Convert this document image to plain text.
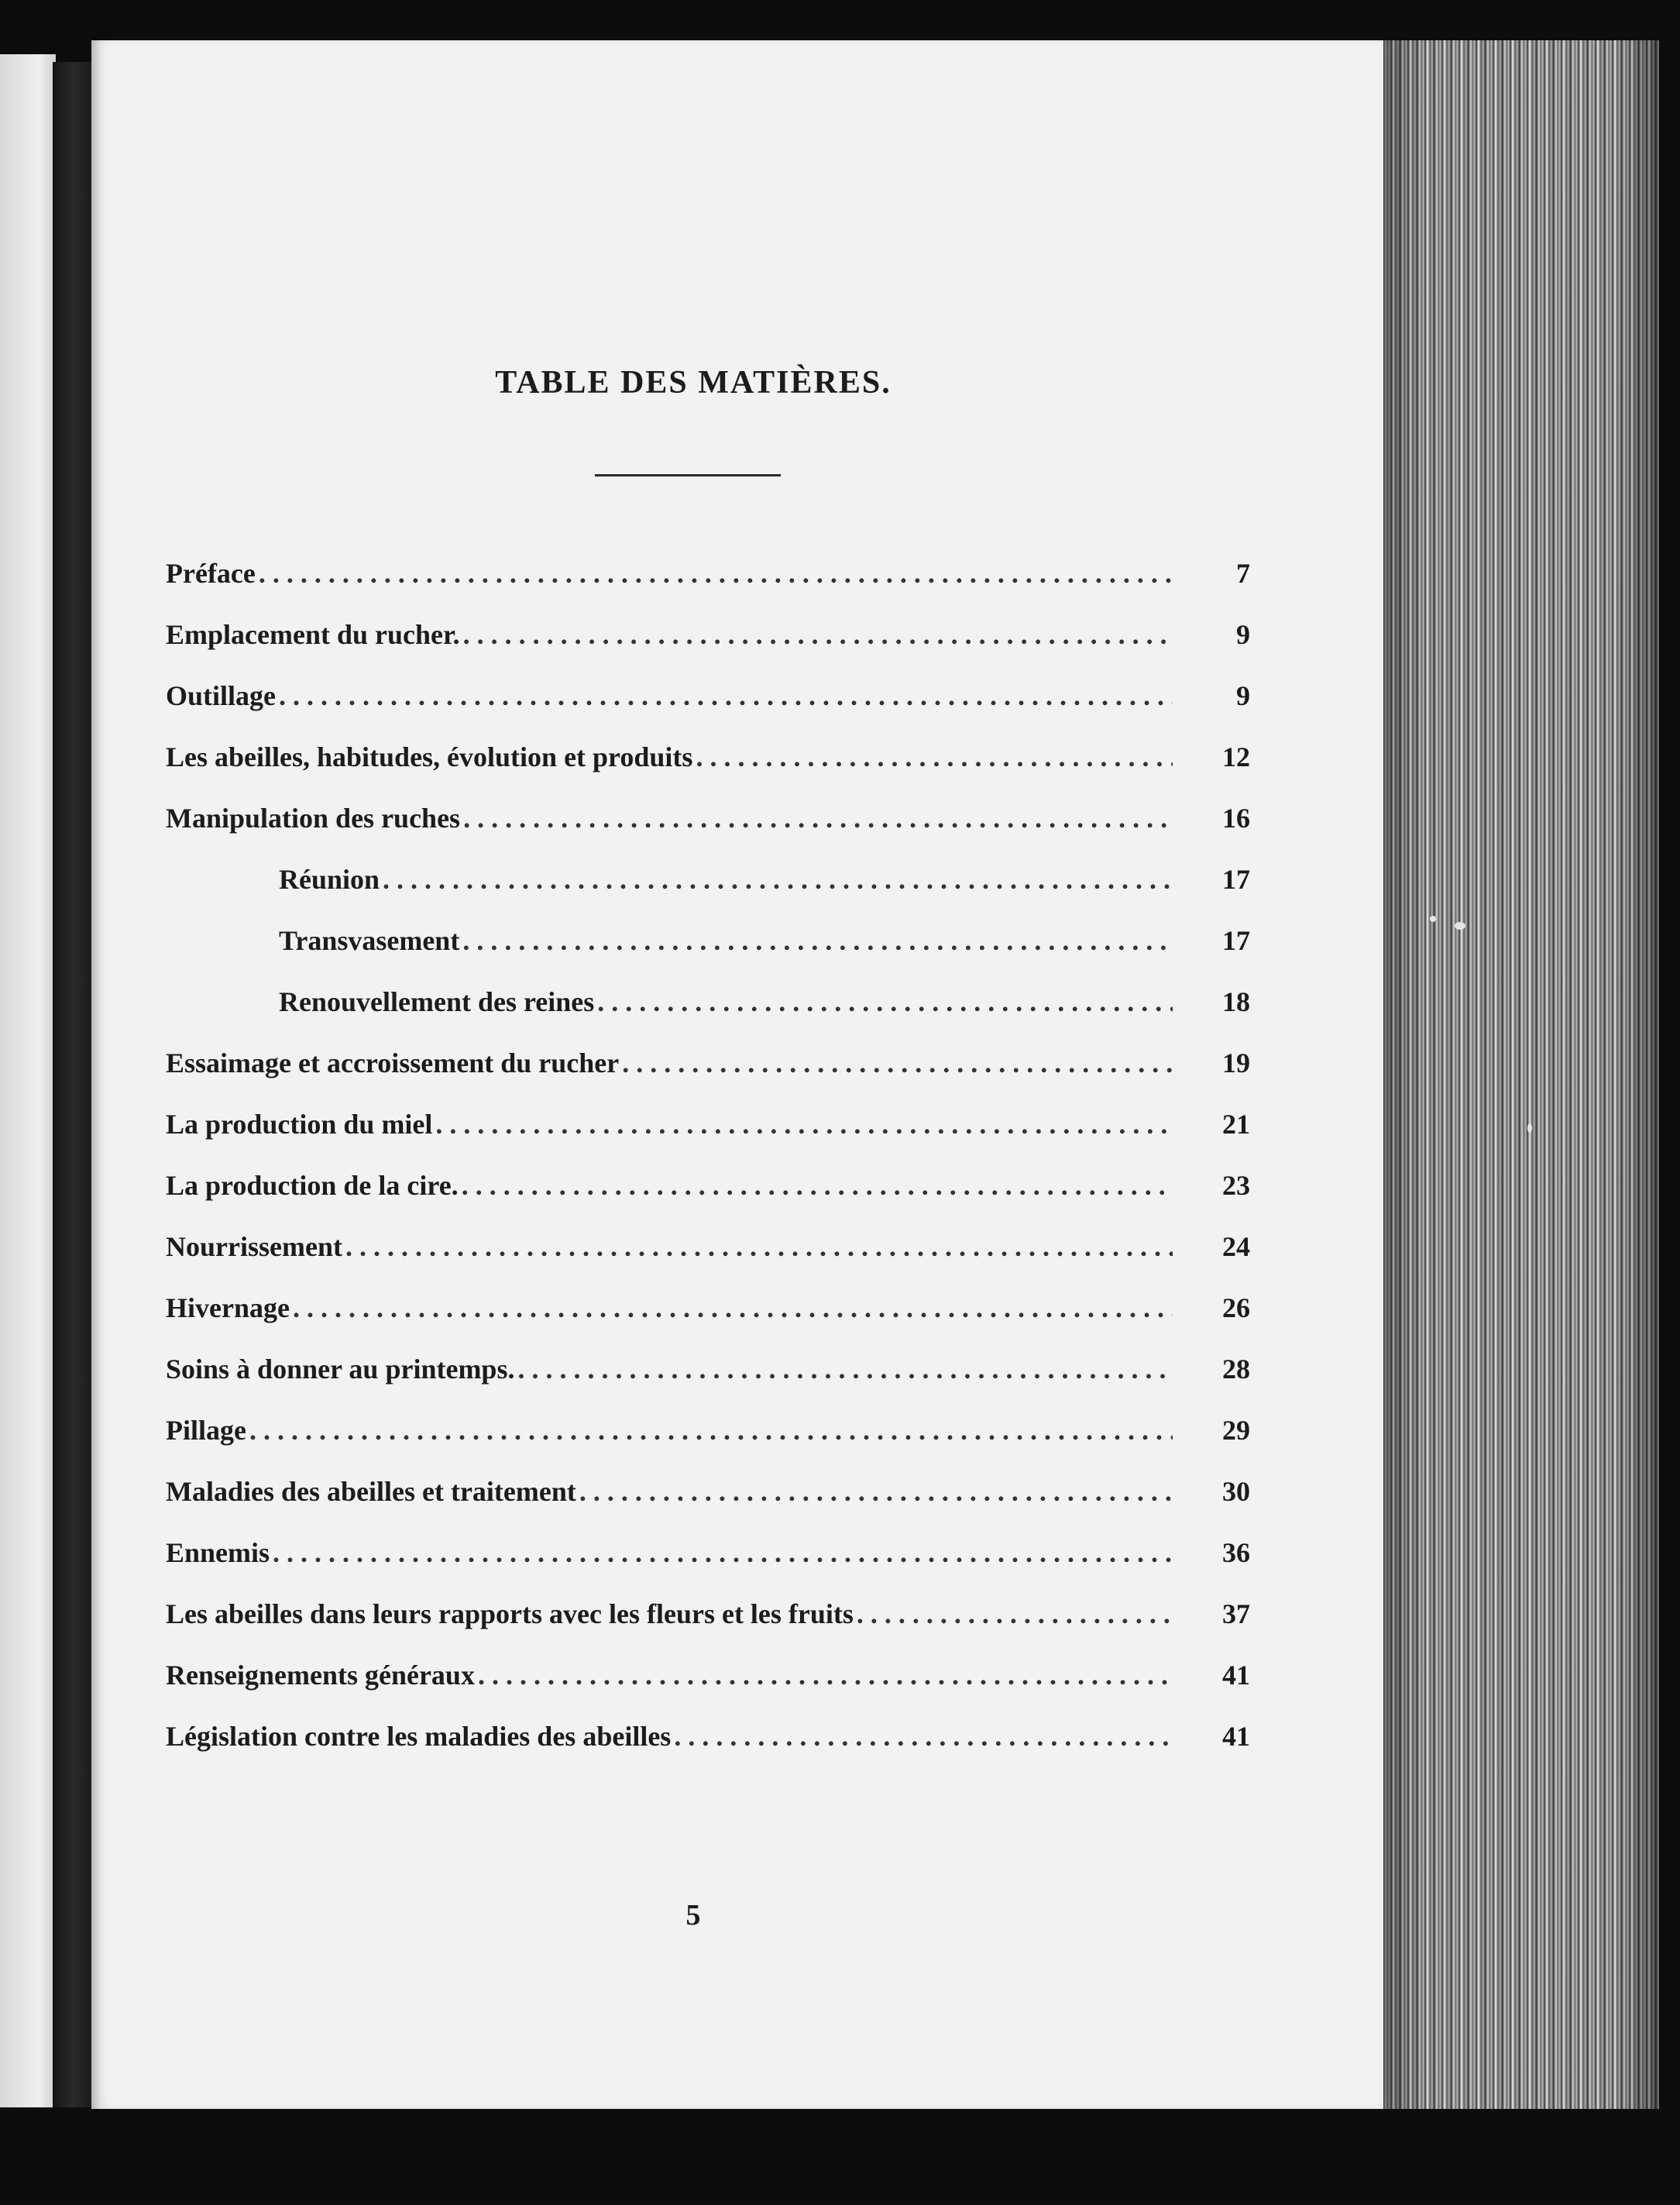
TABLE DES MATIÈRES.
Préface . . .	7
Emplacement du rucher. . . .	9
Outillage . . .	9
Les abeilles, habitudes, évolution et produits . . .	12
Manipulation des ruches . . .	16
Réunion . . .	17
Transvasement . . .	17
Renouvellement des reines . . .	18
Essaimage et accroissement du rucher . . .	19
La production du miel . . .	21
La production de la cire. . . .	23
Nourrissement . . .	24
Hivernage . . .	26
Soins à donner au printemps. . . .	28
Pillage . . .	29
Maladies des abeilles et traitement . . .	30
Ennemis . . .	36
Les abeilles dans leurs rapports avec les fleurs et les fruits . . .	37
Renseignements généraux . . .	41
Législation contre les maladies des abeilles . . .	41
5
